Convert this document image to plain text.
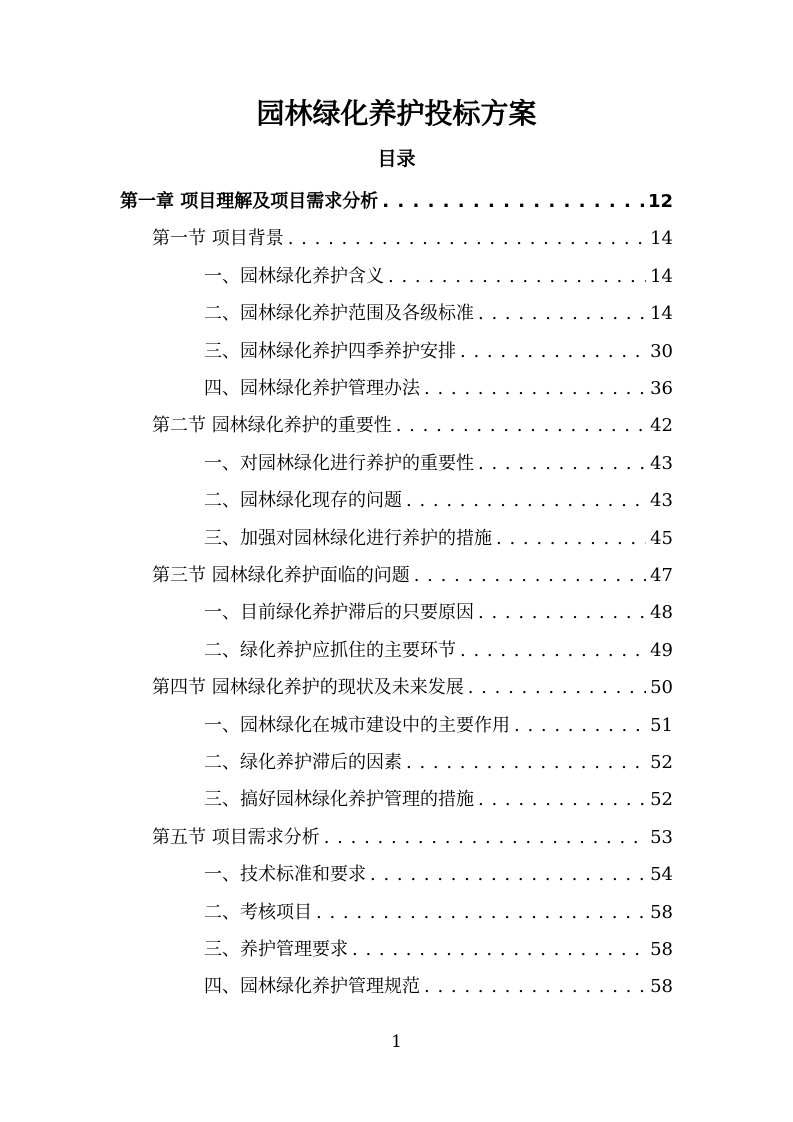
园林绿化养护投标方案
目录
第一章 项目理解及项目需求分析 . . .	12
第一节 项目背景 . . .	14
一、园林绿化养护含义 . . .	14
二、园林绿化养护范围及各级标准 . . .	14
三、园林绿化养护四季养护安排 . . .	30
四、园林绿化养护管理办法 . . .	36
第二节 园林绿化养护的重要性 . . .	42
一、对园林绿化进行养护的重要性 . . .	43
二、园林绿化现存的问题 . . .	43
三、加强对园林绿化进行养护的措施 . . .	45
第三节 园林绿化养护面临的问题 . . .	47
一、目前绿化养护滞后的只要原因 . . .	48
二、绿化养护应抓住的主要环节 . . .	49
第四节 园林绿化养护的现状及未来发展 . . .	50
一、园林绿化在城市建设中的主要作用 . . .	51
二、绿化养护滞后的因素 . . .	52
三、搞好园林绿化养护管理的措施 . . .	52
第五节 项目需求分析 . . .	53
一、技术标准和要求 . . .	54
二、考核项目 . . .	58
三、养护管理要求 . . .	58
四、园林绿化养护管理规范 . . .	58
1
